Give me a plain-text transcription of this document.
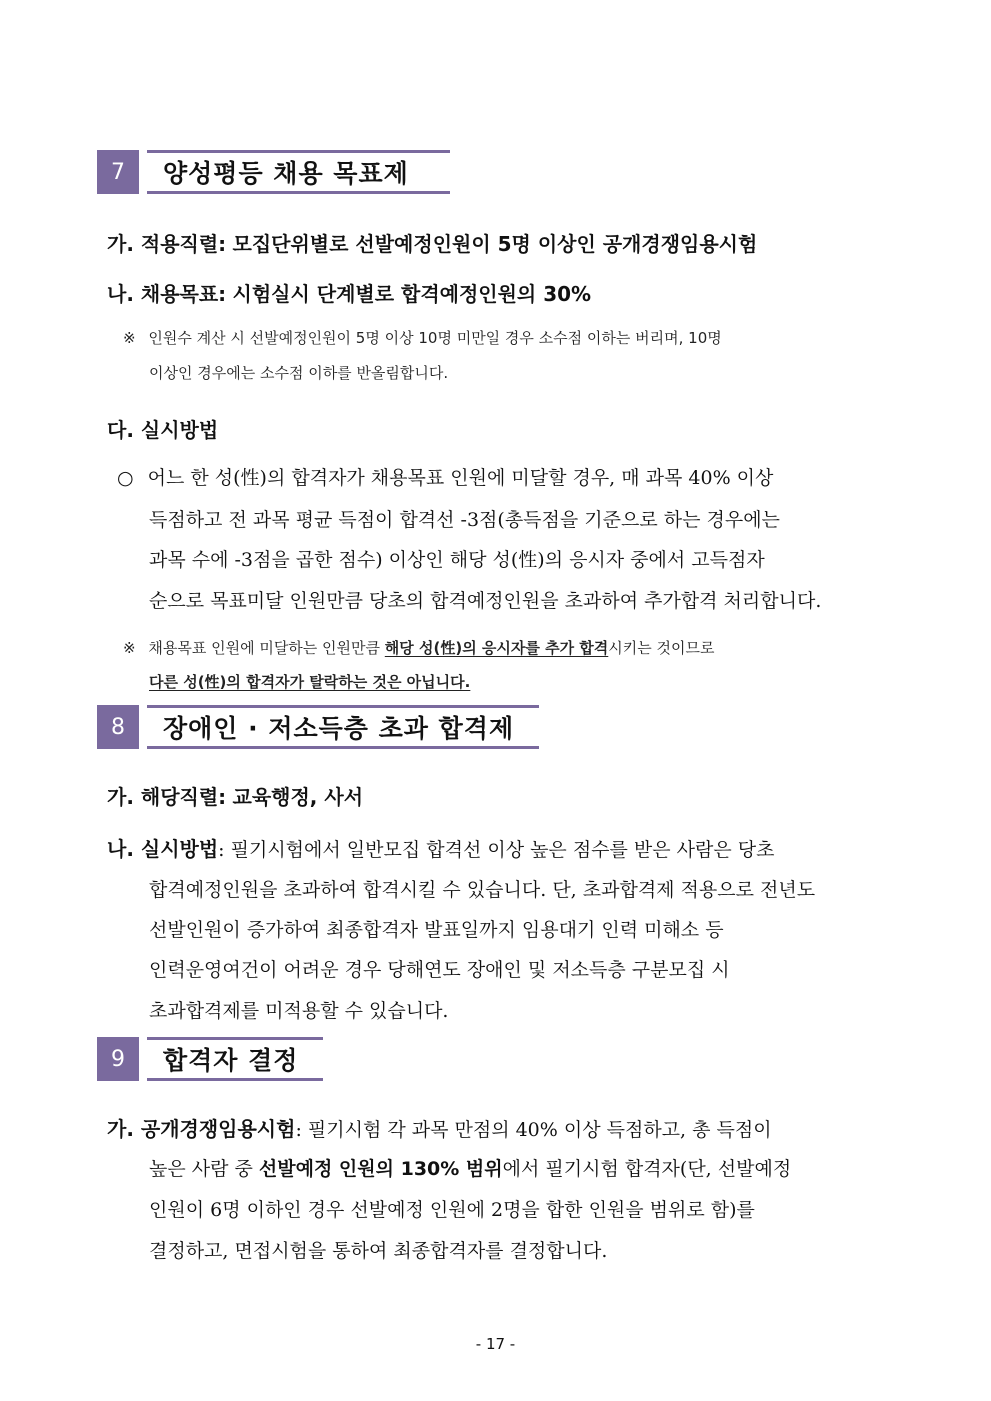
7	양성평등 채용 목표제
가. 적용직렬: 모집단위별로 선발예정인원이 5명 이상인 공개경쟁임용시험
나. 채용목표: 시험실시 단계별로 합격예정인원의 30%
※ 인원수 계산 시 선발예정인원이 5명 이상 10명 미만일 경우 소수점 이하는 버리며, 10명
이상인 경우에는 소수점 이하를 반올림합니다.
다. 실시방법
○ 어느 한 성(性)의 합격자가 채용목표 인원에 미달할 경우, 매 과목 40% 이상
득점하고 전 과목 평균 득점이 합격선 -3점(총득점을 기준으로 하는 경우에는
과목 수에 -3점을 곱한 점수) 이상인 해당 성(性)의 응시자 중에서 고득점자
순으로 목표미달 인원만큼 당초의 합격예정인원을 초과하여 추가합격 처리합니다.
※ 채용목표 인원에 미달하는 인원만큼 해당 성(性)의 응시자를 추가 합격시키는 것이므로
다른 성(性)의 합격자가 탈락하는 것은 아닙니다.
8	장애인 · 저소득층 초과 합격제
가. 해당직렬: 교육행정, 사서
나. 실시방법: 필기시험에서 일반모집 합격선 이상 높은 점수를 받은 사람은 당초
합격예정인원을 초과하여 합격시킬 수 있습니다. 단, 초과합격제 적용으로 전년도
선발인원이 증가하여 최종합격자 발표일까지 임용대기 인력 미해소 등
인력운영여건이 어려운 경우 당해연도 장애인 및 저소득층 구분모집 시
초과합격제를 미적용할 수 있습니다.
9	합격자 결정
가. 공개경쟁임용시험: 필기시험 각 과목 만점의 40% 이상 득점하고, 총 득점이
높은 사람 중 선발예정 인원의 130% 범위에서 필기시험 합격자(단, 선발예정
인원이 6명 이하인 경우 선발예정 인원에 2명을 합한 인원을 범위로 함)를
결정하고, 면접시험을 통하여 최종합격자를 결정합니다.
- 17 -
